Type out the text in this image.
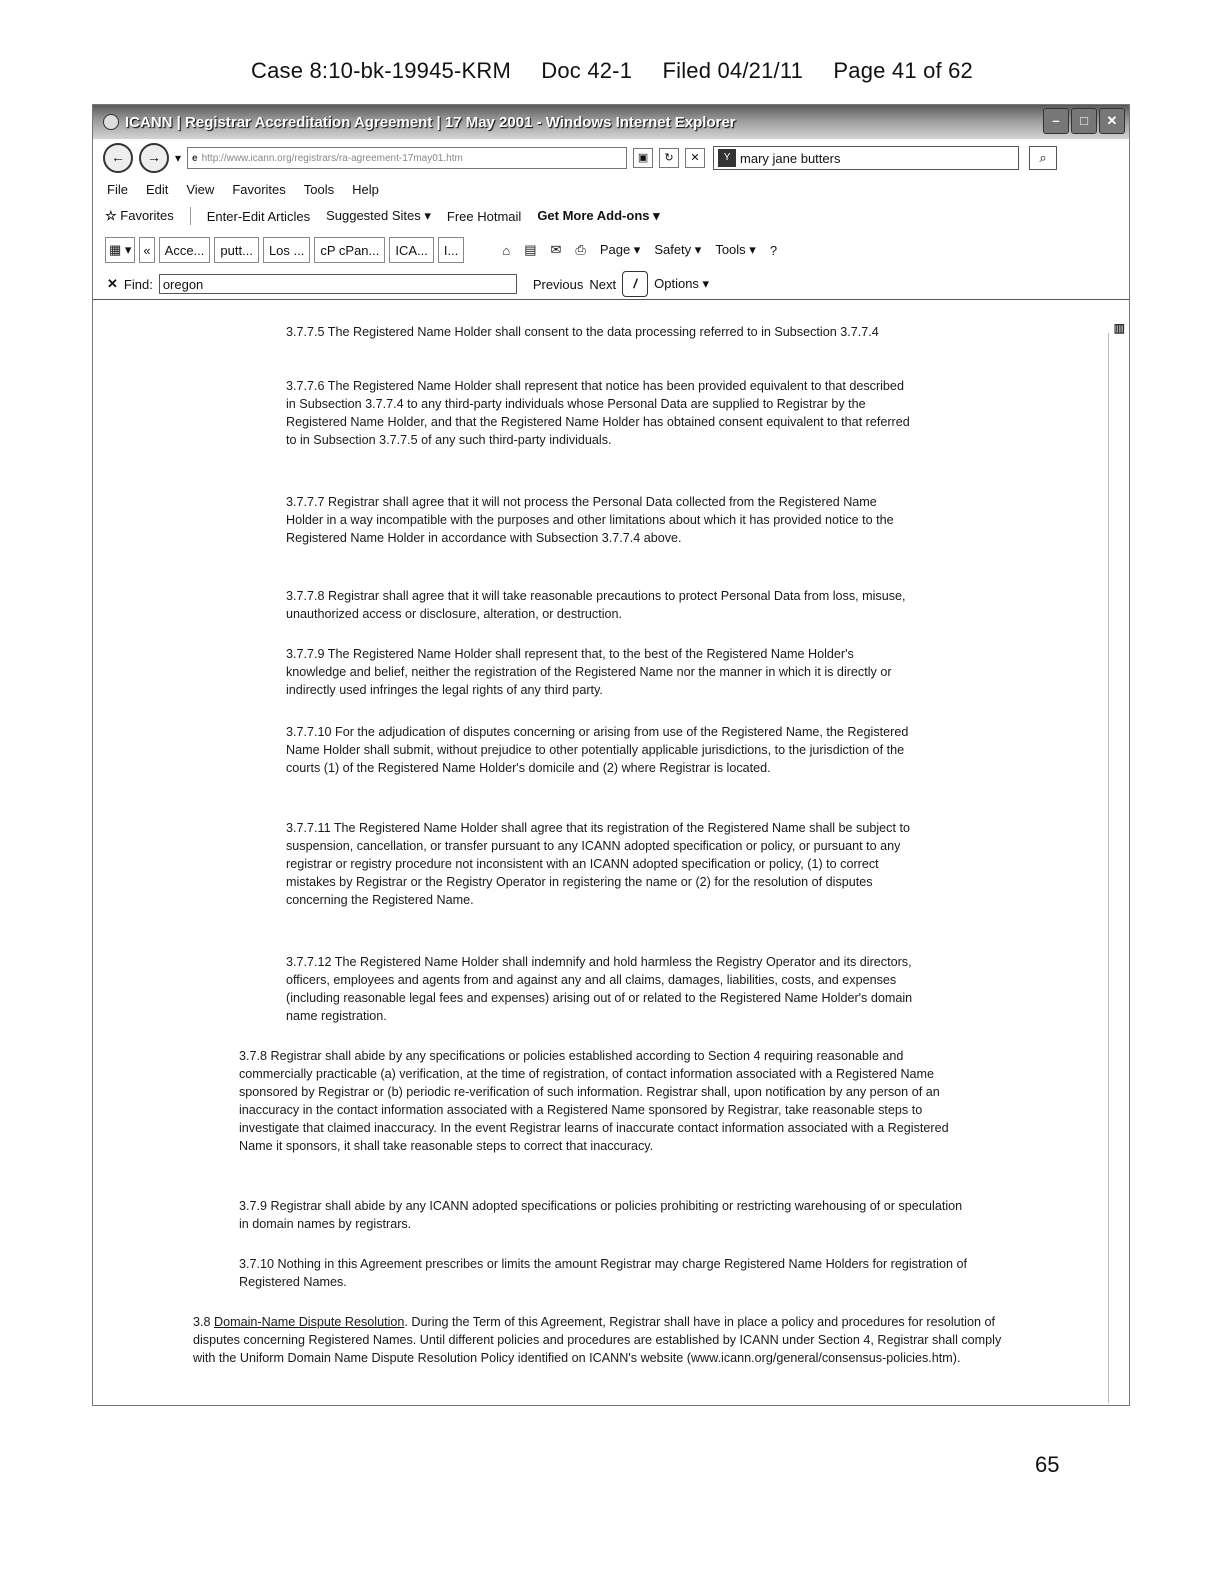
Case 8:10-bk-19945-KRM Doc 42-1 Filed 04/21/11 Page 41 of 62
ICANN | Registrar Accreditation Agreement | 17 May 2001 - Windows Internet Explorer	–	□	✕
←	→	▾ e http://www.icann.org/registrars/ra-agreement-17may01.htm	▣	↻	✕	Y mary jane butters	⌕
File Edit View Favorites Tools Help
☆ Favorites	Enter-Edit Articles Suggested Sites ▾ Free Hotmail Get More Add-ons ▾
▦ ▾ «	Acce...	putt...	Los ...	cP cPan...	ICA...	I...	⌂ ▤ ✉ ⎙ Page ▾ Safety ▾ Tools ▾ ?
✕ Find: oregon	Previous Next	/	Options ▾

3.7.7.5 The Registered Name Holder shall consent to the data processing referred to in Subsection 3.7.7.4

3.7.7.6 The Registered Name Holder shall represent that notice has been provided equivalent to that described in Subsection 3.7.7.4 to any third-party individuals whose Personal Data are supplied to Registrar by the Registered Name Holder, and that the Registered Name Holder has obtained consent equivalent to that referred to in Subsection 3.7.7.5 of any such third-party individuals.

3.7.7.7 Registrar shall agree that it will not process the Personal Data collected from the Registered Name Holder in a way incompatible with the purposes and other limitations about which it has provided notice to the Registered Name Holder in accordance with Subsection 3.7.7.4 above.

3.7.7.8 Registrar shall agree that it will take reasonable precautions to protect Personal Data from loss, misuse, unauthorized access or disclosure, alteration, or destruction.

3.7.7.9 The Registered Name Holder shall represent that, to the best of the Registered Name Holder's knowledge and belief, neither the registration of the Registered Name nor the manner in which it is directly or indirectly used infringes the legal rights of any third party.

3.7.7.10 For the adjudication of disputes concerning or arising from use of the Registered Name, the Registered Name Holder shall submit, without prejudice to other potentially applicable jurisdictions, to the jurisdiction of the courts (1) of the Registered Name Holder's domicile and (2) where Registrar is located.

3.7.7.11 The Registered Name Holder shall agree that its registration of the Registered Name shall be subject to suspension, cancellation, or transfer pursuant to any ICANN adopted specification or policy, or pursuant to any registrar or registry procedure not inconsistent with an ICANN adopted specification or policy, (1) to correct mistakes by Registrar or the Registry Operator in registering the name or (2) for the resolution of disputes concerning the Registered Name.

3.7.7.12 The Registered Name Holder shall indemnify and hold harmless the Registry Operator and its directors, officers, employees and agents from and against any and all claims, damages, liabilities, costs, and expenses (including reasonable legal fees and expenses) arising out of or related to the Registered Name Holder's domain name registration.

3.7.8 Registrar shall abide by any specifications or policies established according to Section 4 requiring reasonable and commercially practicable (a) verification, at the time of registration, of contact information associated with a Registered Name sponsored by Registrar or (b) periodic re-verification of such information. Registrar shall, upon notification by any person of an inaccuracy in the contact information associated with a Registered Name sponsored by Registrar, take reasonable steps to investigate that claimed inaccuracy. In the event Registrar learns of inaccurate contact information associated with a Registered Name it sponsors, it shall take reasonable steps to correct that inaccuracy.

3.7.9 Registrar shall abide by any ICANN adopted specifications or policies prohibiting or restricting warehousing of or speculation in domain names by registrars.

3.7.10 Nothing in this Agreement prescribes or limits the amount Registrar may charge Registered Name Holders for registration of Registered Names.

3.8 Domain-Name Dispute Resolution. During the Term of this Agreement, Registrar shall have in place a policy and procedures for resolution of disputes concerning Registered Names. Until different policies and procedures are established by ICANN under Section 4, Registrar shall comply with the Uniform Domain Name Dispute Resolution Policy identified on ICANN's website (www.icann.org/general/consensus-policies.htm).

▥
65
